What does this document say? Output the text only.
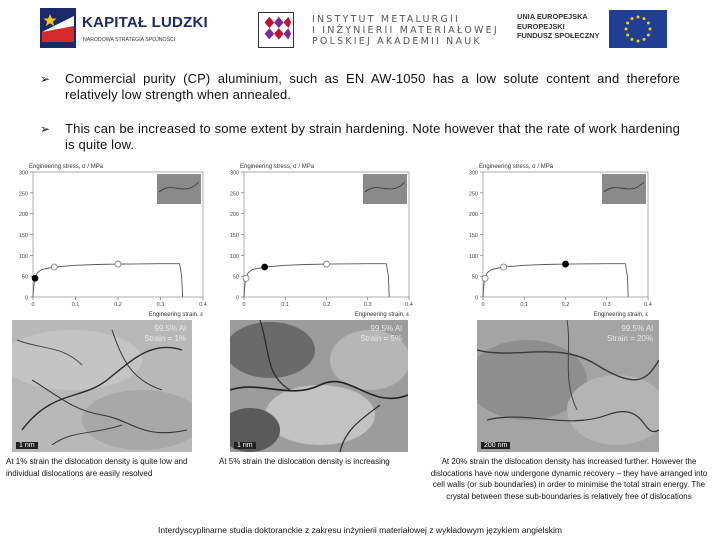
KAPITAŁ LUDZKI
NARODOWA STRATEGIA SPÓJNOŚCI
INSTYTUT METALURGII
I INŻYNIERII MATERIAŁOWEJ
POLSKIEJ AKADEMII NAUK
UNIA EUROPEJSKA
EUROPEJSKI
FUNDUSZ SPOŁECZNY
➢ Commercial purity (CP) aluminium, such as EN AW-1050 has a low solute content and therefore relatively low strength when annealed.
➢ This can be increased to some extent by strain hardening. Note however that the rate of work hardening is quite low.
0
50
100
150
200
250
300
0	0.1	0.2	0.3	0.4
Engineering stress, σ / MPa
Engineering strain, ε
0
50
100
150
200
250
300
0	0.1	0.2	0.3	0.4
Engineering stress, σ / MPa
Engineering strain, ε
0
50
100
150
200
250
300
0	0.1	0.2	0.3	0.4
Engineering stress, σ / MPa
Engineering strain, ε
99.5% Al
Strain = 1%
1 nm
99.5% Al
Strain = 5%
1 nm
99.5% Al
Strain = 20%
200 nm
At 1% strain the dislocation density is quite low and individual dislocations are easily resolved
At 5% strain the dislocation density is increasing	At 20% strain the dislocation density has increased further. However the dislocations have now undergone dynamic recovery – they have arranged into cell walls (or sub boundaries) in order to minimise the total strain energy. The crystal between these sub-boundaries is relatively free of dislocations
Interdyscyplinarne studia doktoranckie z zakresu inżynierii materiałowej z wykładowym językiem angielskim
